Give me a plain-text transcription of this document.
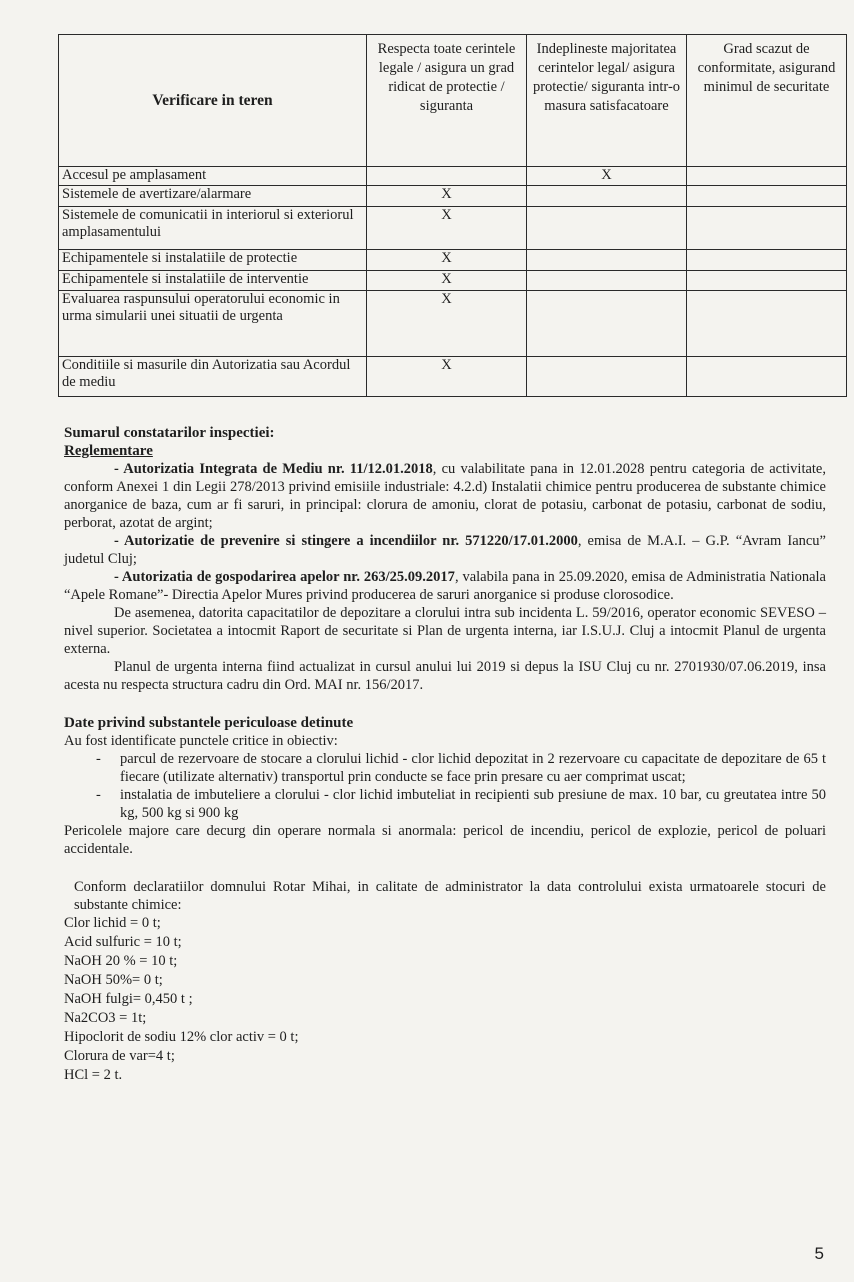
Verificare in teren	Respecta toate cerintele legale / asigura un grad ridicat de protectie / siguranta	Indeplineste majoritatea cerintelor legal/ asigura protectie/ siguranta intr-o masura satisfacatoare	Grad scazut de conformitate, asigurand minimul de securitate
Accesul pe amplasament		X	
Sistemele de avertizare/alarmare	X		
Sistemele de comunicatii in interiorul si exteriorul amplasamentului	X		
Echipamentele si instalatiile de protectie	X		
Echipamentele si instalatiile de interventie	X		
Evaluarea raspunsului operatorului economic in urma simularii unei situatii de urgenta	X		
Conditiile si masurile din Autorizatia sau Acordul de mediu	X		

Sumarul constatarilor inspectiei:

Reglementare

- Autorizatia Integrata de Mediu nr. 11/12.01.2018, cu valabilitate pana in 12.01.2028 pentru categoria de activitate, conform Anexei 1 din Legii 278/2013 privind emisiile industriale: 4.2.d) Instalatii chimice pentru producerea de substante chimice anorganice de baza, cum ar fi saruri, in principal: clorura de amoniu, clorat de potasiu, carbonat de potasiu, carbonat de sodiu, perborat, azotat de argint;

- Autorizatie de prevenire si stingere a incendiilor nr. 571220/17.01.2000, emisa de M.A.I. – G.P. “Avram Iancu” judetul Cluj;

- Autorizatia de gospodarirea apelor nr. 263/25.09.2017, valabila pana in 25.09.2020, emisa de Administratia Nationala “Apele Romane”- Directia Apelor Mures privind producerea de saruri anorganice si produse clorosodice.

De asemenea, datorita capacitatilor de depozitare a clorului intra sub incidenta L. 59/2016, operator economic SEVESO – nivel superior. Societatea a intocmit Raport de securitate si Plan de urgenta interna, iar I.S.U.J. Cluj a intocmit Planul de urgenta externa.

Planul de urgenta interna fiind actualizat in cursul anului lui 2019 si depus la ISU Cluj cu nr. 2701930/07.06.2019, insa acesta nu respecta structura cadru din Ord. MAI nr. 156/2017.

Date privind substantele periculoase detinute

Au fost identificate punctele critice in obiectiv:

- parcul de rezervoare de stocare a clorului lichid - clor lichid depozitat in 2 rezervoare cu capacitate de depozitare de 65 t fiecare (utilizate alternativ) transportul prin conducte se face prin presare cu aer comprimat uscat;

- instalatia de imbuteliere a clorului - clor lichid imbuteliat in recipienti sub presiune de max. 10 bar, cu greutatea intre 50 kg, 500 kg si 900 kg

Pericolele majore care decurg din operare normala si anormala: pericol de incendiu, pericol de explozie, pericol de poluari accidentale.

Conform declaratiilor domnului Rotar Mihai, in calitate de administrator la data controlului exista urmatoarele stocuri de substante chimice:

Clor lichid = 0 t;

Acid sulfuric = 10 t;

NaOH 20 % = 10 t;

NaOH 50%= 0 t;

NaOH fulgi= 0,450 t ;

Na2CO3 = 1t;

Hipoclorit de sodiu 12% clor activ = 0 t;

Clorura de var=4 t;

HCl = 2 t.

5
